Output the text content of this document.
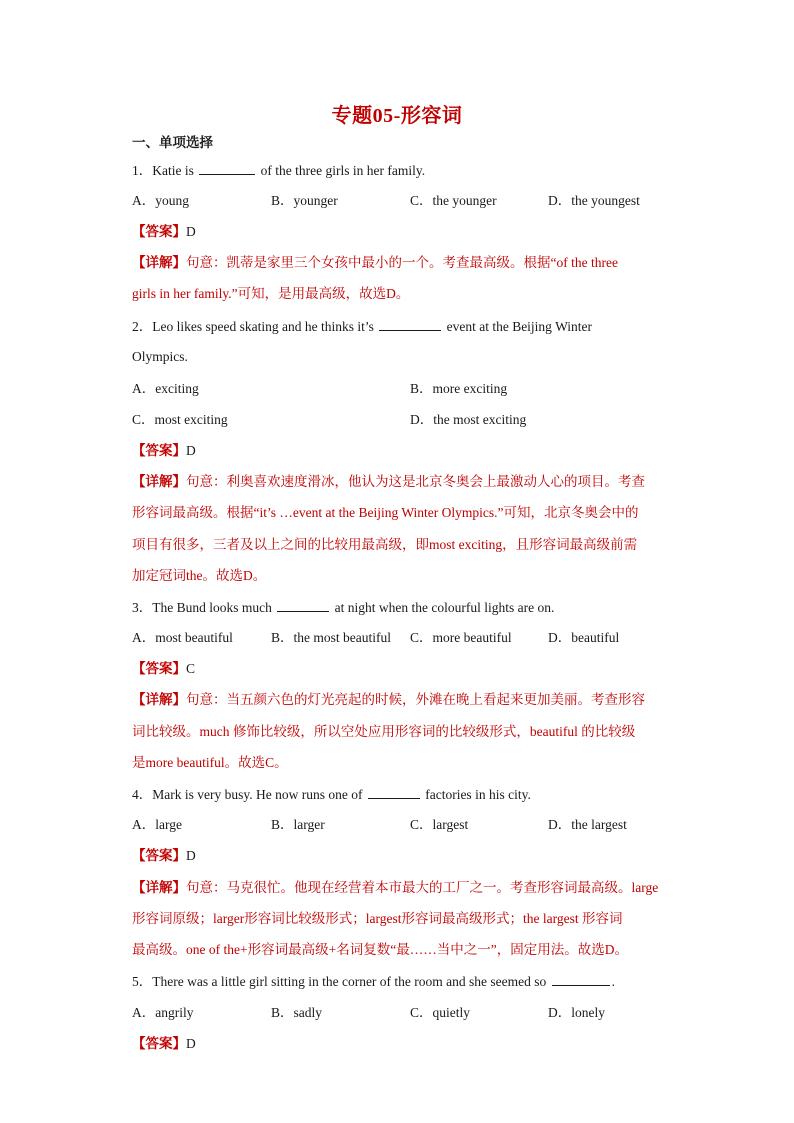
专题05-形容词
一、单项选择
1．Katie is	of the three girls in her family.
A．young	B．younger	C．the younger	D．the youngest
【答案】D
【详解】句意：凯蒂是家里三个女孩中最小的一个。考查最高级。根据“of the three
girls in her family.”可知，是用最高级，故选D。
2．Leo likes speed skating and he thinks it’s	event at the Beijing Winter
Olympics.
A．exciting	B．more exciting
C．most exciting	D．the most exciting
【答案】D
【详解】句意：利奥喜欢速度滑冰，他认为这是北京冬奥会上最激动人心的项目。考查
形容词最高级。根据“it’s …event at the Beijing Winter Olympics.”可知，北京冬奥会中的
项目有很多，三者及以上之间的比较用最高级，即most exciting，且形容词最高级前需
加定冠词the。故选D。
3．The Bund looks much	at night when the colourful lights are on.
A．most beautiful	B．the most beautiful C．more beautiful	D．beautiful
【答案】C
【详解】句意：当五颜六色的灯光亮起的时候，外滩在晚上看起来更加美丽。考查形容
词比较级。much 修饰比较级，所以空处应用形容词的比较级形式，beautiful 的比较级
是more beautiful。故选C。
4．Mark is very busy. He now runs one of	factories in his city.
A．large	B．larger	C．largest	D．the largest
【答案】D
【详解】句意：马克很忙。他现在经营着本市最大的工厂之一。考查形容词最高级。large
形容词原级；larger形容词比较级形式；largest形容词最高级形式；the largest 形容词
最高级。one of the+形容词最高级+名词复数“最……当中之一”，固定用法。故选D。
5．There was a little girl sitting in the corner of the room and she seemed so	.
A．angrily	B．sadly	C．quietly	D．lonely
【答案】D
